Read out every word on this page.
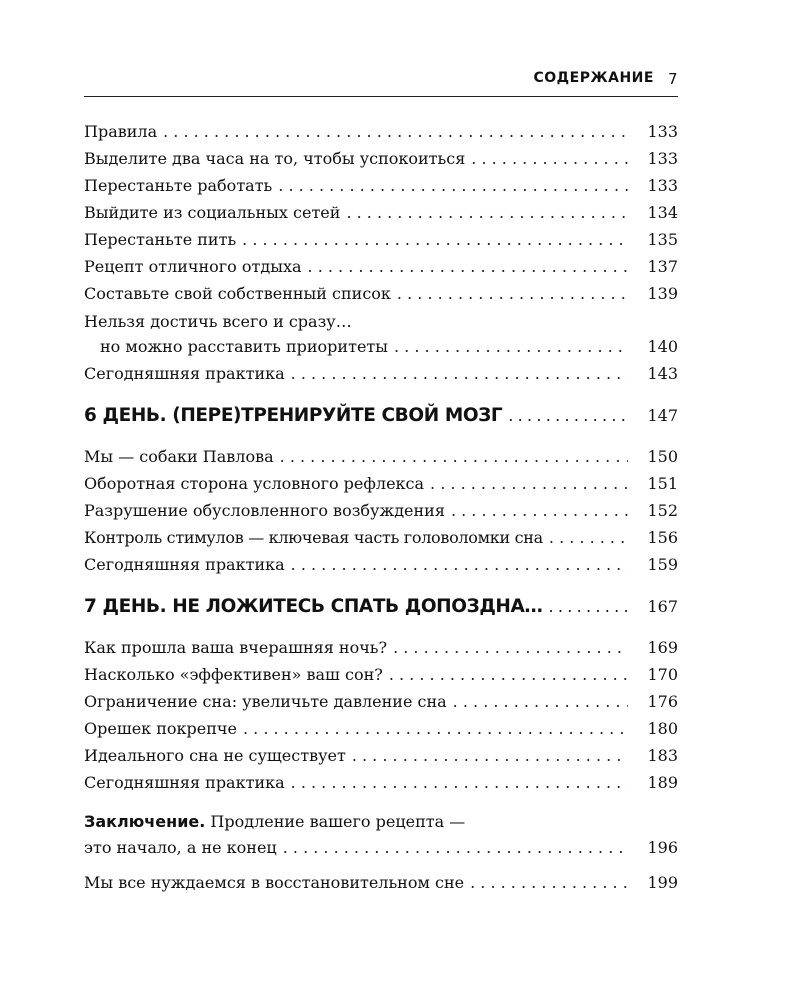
СОДЕРЖАНИЕ 7
Правила . . .	133
Выделите два часа на то, чтобы успокоиться . . .	133
Перестаньте работать . . .	133
Выйдите из социальных сетей . . .	134
Перестаньте пить . . .	135
Рецепт отличного отдыха . . .	137
Составьте свой собственный список . . .	139
Нельзя достичь всего и сразу…
но можно расставить приоритеты . . .	140
Сегодняшняя практика . . .	143
6 ДЕНЬ. (ПЕРЕ)ТРЕНИРУЙТЕ СВОЙ МОЗГ . . .	147
Мы — собаки Павлова . . .	150
Оборотная сторона условного рефлекса . . .	151
Разрушение обусловленного возбуждения . . .	152
Контроль стимулов — ключевая часть головоломки сна . . .	156
Сегодняшняя практика . . .	159
7 ДЕНЬ. НЕ ЛОЖИТЕСЬ СПАТЬ ДОПОЗДНА… . . .	167
Как прошла ваша вчерашняя ночь? . . .	169
Насколько «эффективен» ваш сон? . . .	170
Ограничение сна: увеличьте давление сна . . .	176
Орешек покрепче . . .	180
Идеального сна не существует . . .	183
Сегодняшняя практика . . .	189
Заключение. Продление вашего рецепта —
это начало, а не конец . . .	196
Мы все нуждаемся в восстановительном сне . . .	199
